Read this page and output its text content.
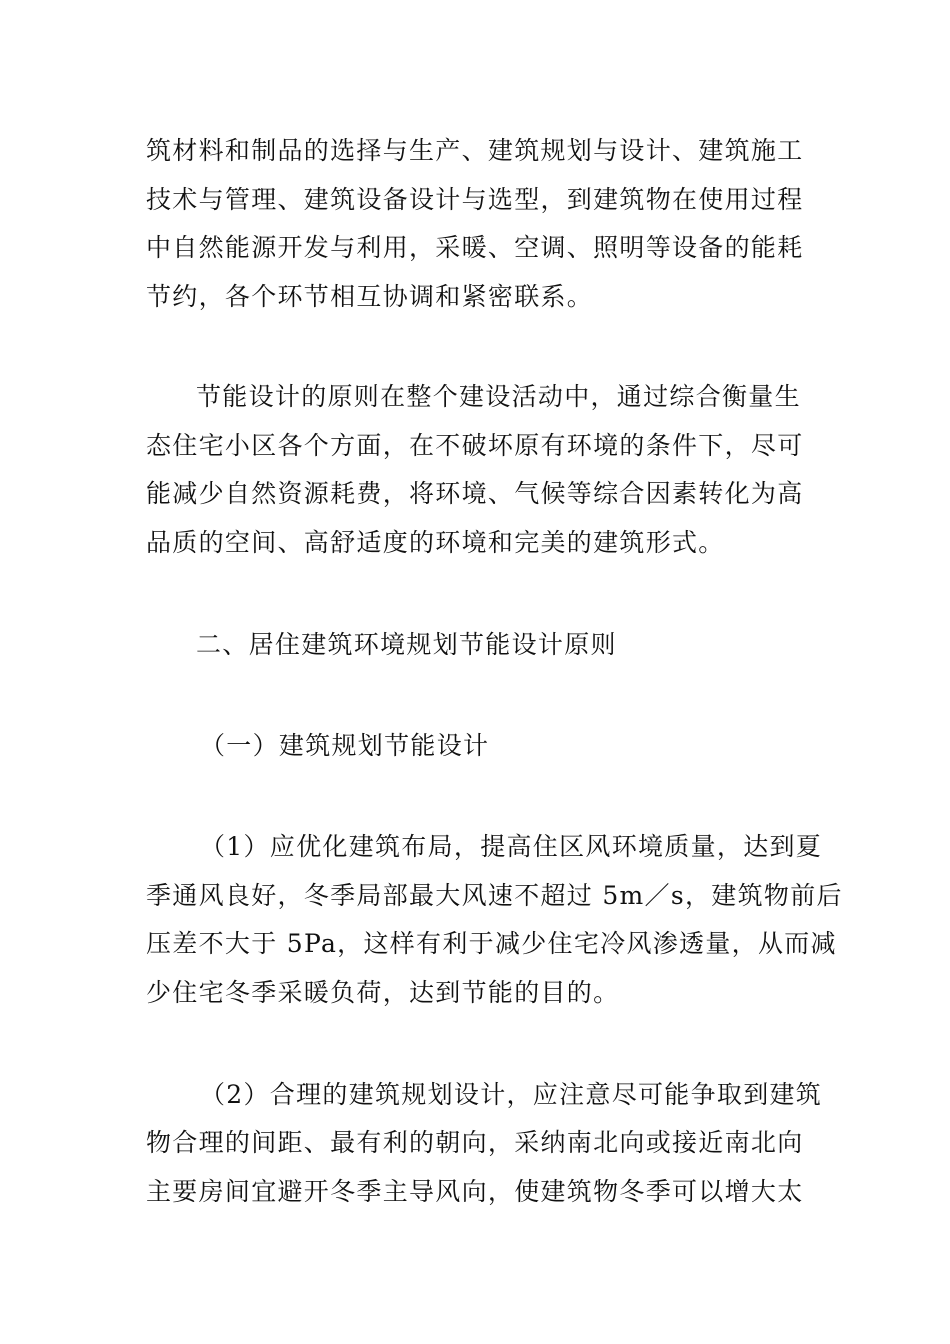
筑材料和制品的选择与生产、建筑规划与设计、建筑施工
技术与管理、建筑设备设计与选型，到建筑物在使用过程
中自然能源开发与利用，采暖、空调、照明等设备的能耗
节约，各个环节相互协调和紧密联系。
节能设计的原则在整个建设活动中，通过综合衡量生
态住宅小区各个方面，在不破坏原有环境的条件下，尽可
能减少自然资源耗费，将环境、气候等综合因素转化为高
品质的空间、高舒适度的环境和完美的建筑形式。
二、居住建筑环境规划节能设计原则
（一）建筑规划节能设计
（1）应优化建筑布局，提高住区风环境质量，达到夏
季通风良好，冬季局部最大风速不超过 5m／s，建筑物前后
压差不大于 5Pa，这样有利于减少住宅冷风渗透量，从而减
少住宅冬季采暖负荷，达到节能的目的。
（2）合理的建筑规划设计，应注意尽可能争取到建筑
物合理的间距、最有利的朝向，采纳南北向或接近南北向
主要房间宜避开冬季主导风向，使建筑物冬季可以增大太
